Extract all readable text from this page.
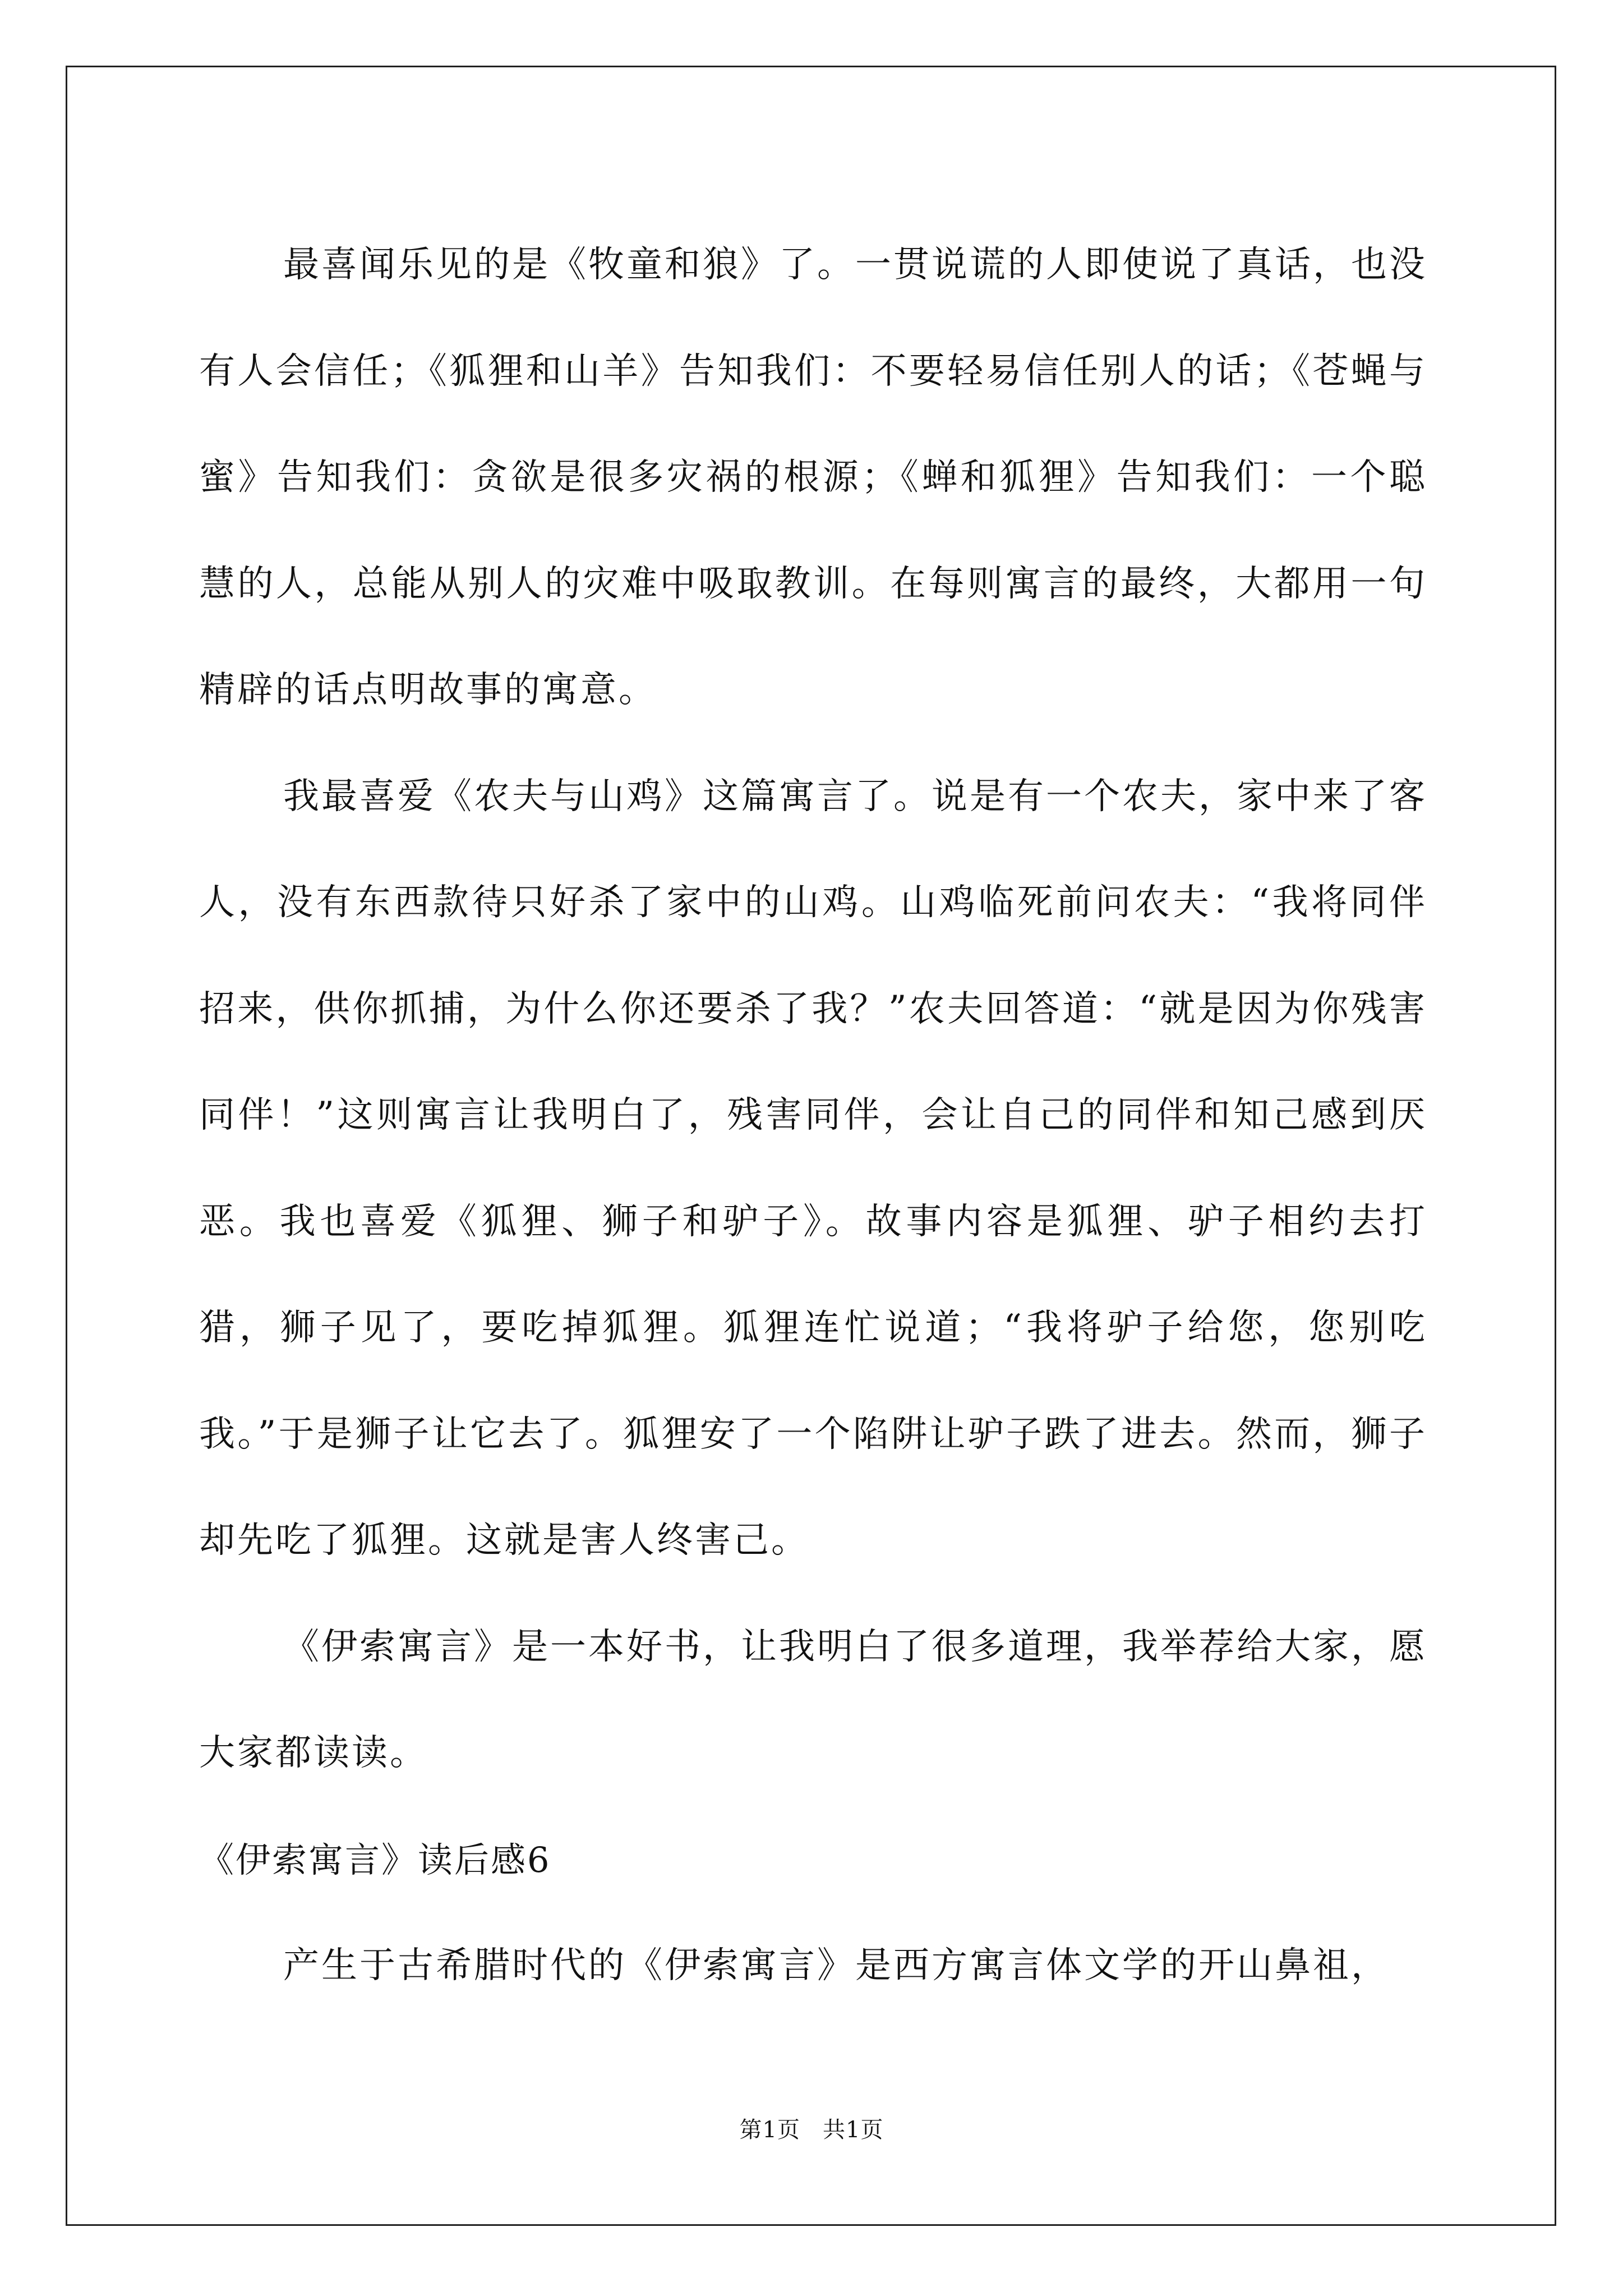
最喜闻乐见的是《牧童和狼》了。一贯说谎的人即使说了真话，也没有人会信任；《狐狸和山羊》告知我们：不要轻易信任别人的话；《苍蝇与蜜》告知我们：贪欲是很多灾祸的根源；《蝉和狐狸》告知我们：一个聪慧的人，总能从别人的灾难中吸取教训。在每则寓言的最终，大都用一句精辟的话点明故事的寓意。

我最喜爱《农夫与山鸡》这篇寓言了。说是有一个农夫，家中来了客人，没有东西款待只好杀了家中的山鸡。山鸡临死前问农夫：“我将同伴招来，供你抓捕，为什么你还要杀了我？”农夫回答道：“就是因为你残害同伴！”这则寓言让我明白了，残害同伴，会让自己的同伴和知己感到厌恶。我也喜爱《狐狸、狮子和驴子》。故事内容是狐狸、驴子相约去打猎，狮子见了，要吃掉狐狸。狐狸连忙说道；“我将驴子给您，您别吃我。”于是狮子让它去了。狐狸安了一个陷阱让驴子跌了进去。然而，狮子却先吃了狐狸。这就是害人终害己。

《伊索寓言》是一本好书，让我明白了很多道理，我举荐给大家，愿大家都读读。

《伊索寓言》读后感6

产生于古希腊时代的《伊索寓言》是西方寓言体文学的开山鼻祖，

第1页 共1页
